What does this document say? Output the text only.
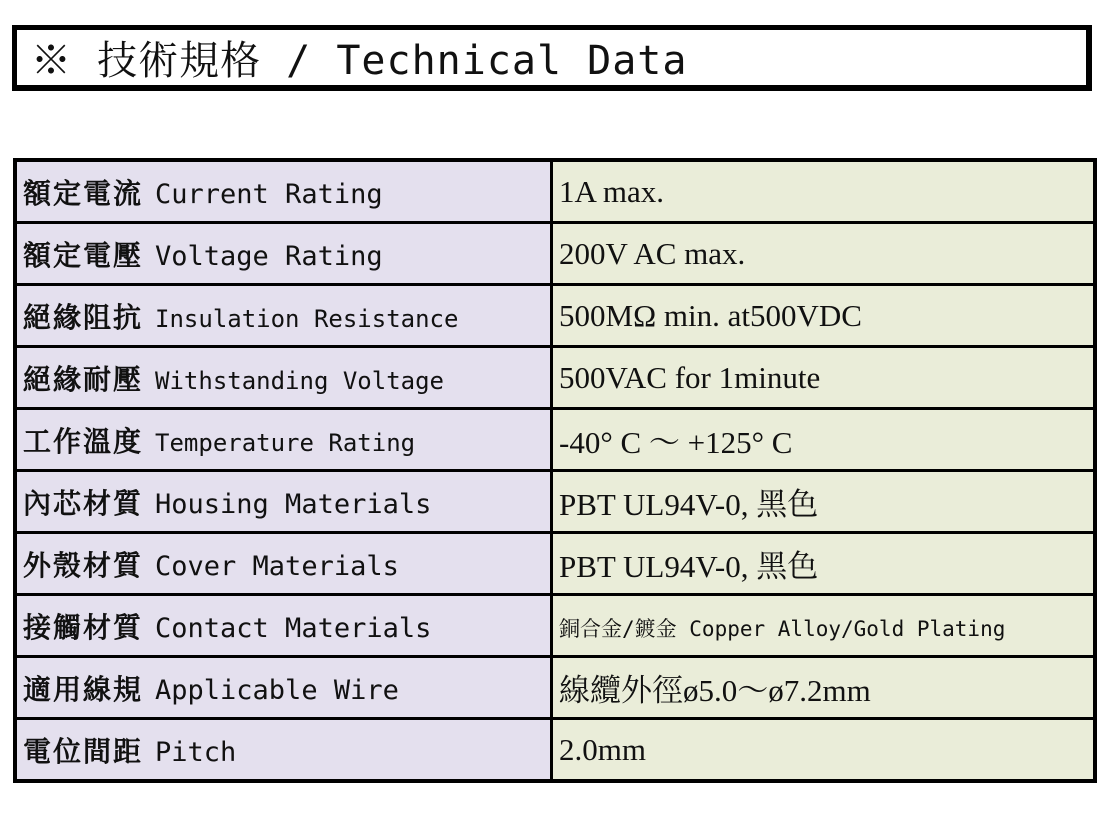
※ 技術規格 / Technical Data
額定電流 Current Rating	1A max.
額定電壓 Voltage Rating	200V AC max.
絕緣阻抗 Insulation Resistance	500MΩ min. at500VDC
絕緣耐壓 Withstanding Voltage	500VAC for 1minute
工作溫度 Temperature Rating	-40° C ～ +125° C
內芯材質 Housing Materials	PBT UL94V-0, 黑色
外殼材質 Cover Materials	PBT UL94V-0, 黑色
接觸材質 Contact Materials	銅合金/鍍金 Copper Alloy/Gold Plating
適用線規 Applicable Wire	線纜外徑ø5.0～ø7.2mm
電位間距 Pitch	2.0mm
